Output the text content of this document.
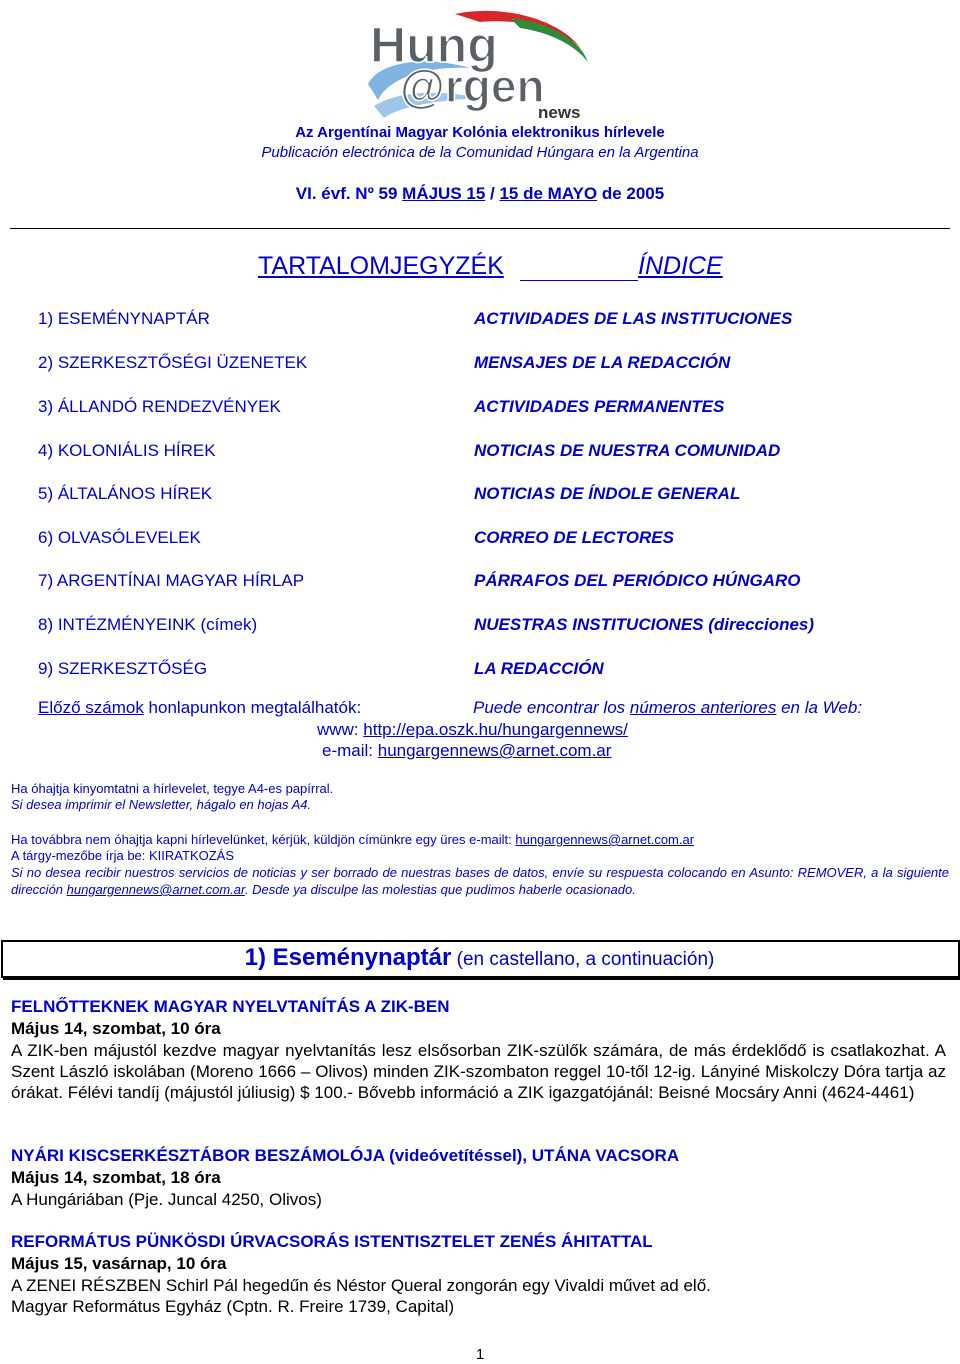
Hung
@rgen
news
Az Argentínai Magyar Kolónia elektronikus hírlevele
Publicación electrónica de la Comunidad Húngara en la Argentina
VI. évf. Nº 59 MÁJUS 15 / 15 de MAYO de 2005
TARTALOMJEGYZÉK	ÍNDICE
1) ESEMÉNYNAPTÁR	ACTIVIDADES DE LAS INSTITUCIONES
2) SZERKESZTŐSÉGI ÜZENETEK	MENSAJES DE LA REDACCIÓN
3) ÁLLANDÓ RENDEZVÉNYEK	ACTIVIDADES PERMANENTES
4) KOLONIÁLIS HÍREK	NOTICIAS DE NUESTRA COMUNIDAD
5) ÁLTALÁNOS HÍREK	NOTICIAS DE ÍNDOLE GENERAL
6) OLVASÓLEVELEK	CORREO DE LECTORES
7) ARGENTÍNAI MAGYAR HÍRLAP	PÁRRAFOS DEL PERIÓDICO HÚNGARO
8) INTÉZMÉNYEINK (címek)	NUESTRAS INSTITUCIONES (direcciones)
9) SZERKESZTŐSÉG	LA REDACCIÓN
Előző számok honlapunkon megtalálhatók:	Puede encontrar los números anteriores en la Web:
www: http://epa.oszk.hu/hungargennews/
e-mail: hungargennews@arnet.com.ar
Ha óhajtja kinyomtatni a hírlevelet, tegye A4-es papírral.
Si desea imprimir el Newsletter, hágalo en hojas A4.
Ha továbbra nem óhajtja kapni hírlevelünket, kérjük, küldjön címünkre egy üres e-mailt: hungargennews@arnet.com.ar
A tárgy-mezőbe írja be: KIIRATKOZÁS
Si no desea recibir nuestros servicios de noticias y ser borrado de nuestras bases de datos, envíe su respuesta colocando en Asunto: REMOVER, a la siguiente dirección hungargennews@arnet.com.ar. Desde ya disculpe las molestias que pudimos haberle ocasionado.
1) Eseménynaptár (en castellano, a continuación)
FELNŐTTEKNEK MAGYAR NYELVTANÍTÁS A ZIK-BEN
Május 14, szombat, 10 óra
A ZIK-ben májustól kezdve magyar nyelvtanítás lesz elsősorban ZIK-szülők számára, de más érdeklődő is csatlakozhat. A Szent László iskolában (Moreno 1666 – Olivos) minden ZIK-szombaton reggel 10-től 12-ig. Lányiné Miskolczy Dóra tartja az órákat. Félévi tandíj (májustól júliusig) $ 100.- Bővebb információ a ZIK igazgatójánál: Beisné Mocsáry Anni (4624-4461)
NYÁRI KISCSERKÉSZTÁBOR BESZÁMOLÓJA (videóvetítéssel), UTÁNA VACSORA
Május 14, szombat, 18 óra
A Hungáriában (Pje. Juncal 4250, Olivos)
REFORMÁTUS PÜNKÖSDI ÚRVACSORÁS ISTENTISZTELET ZENÉS ÁHITATTAL
Május 15, vasárnap, 10 óra
A ZENEI RÉSZBEN Schirl Pál hegedűn és Néstor Queral zongorán egy Vivaldi művet ad elő.
Magyar Református Egyház (Cptn. R. Freire 1739, Capital)
1
